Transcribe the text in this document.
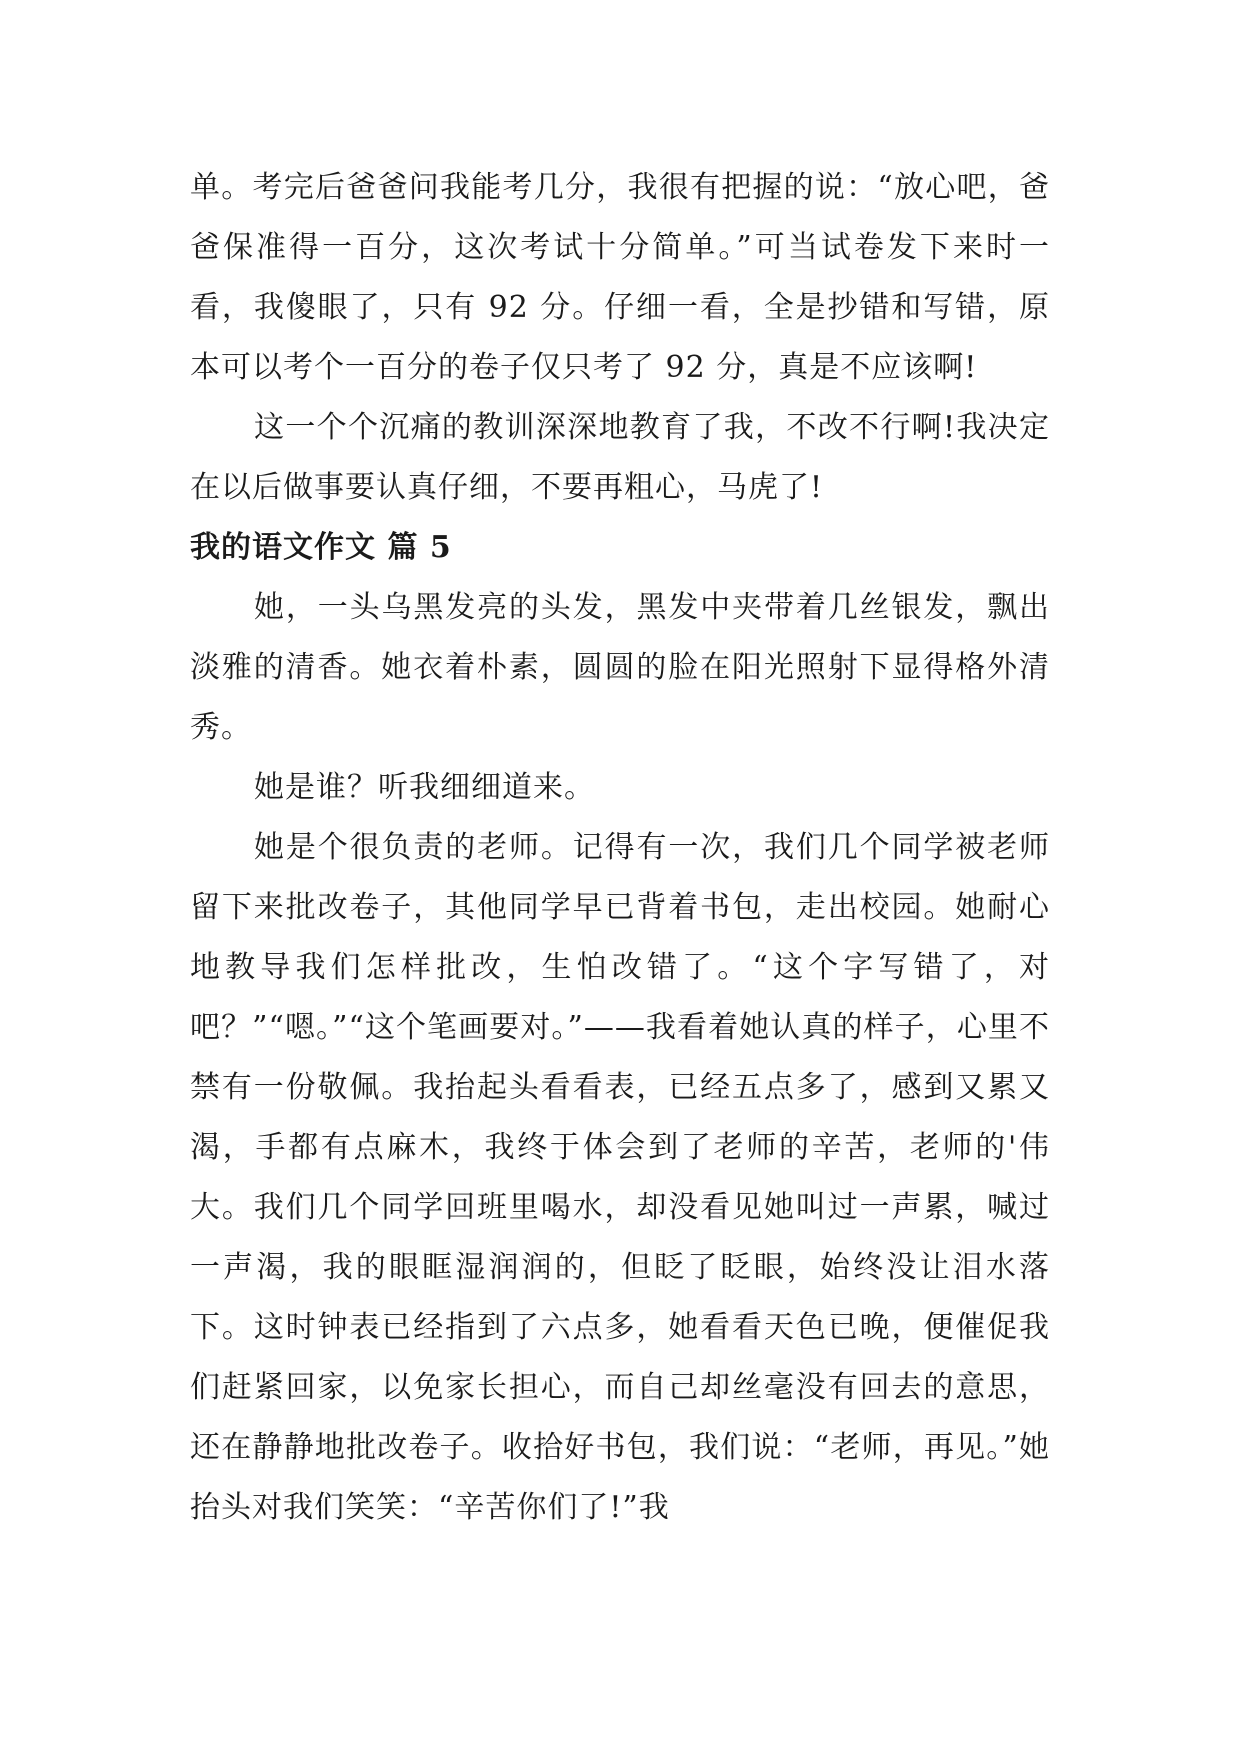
单。考完后爸爸问我能考几分，我很有把握的说：“放心吧，爸爸保准得一百分，这次考试十分简单。”可当试卷发下来时一看，我傻眼了，只有 92 分。仔细一看，全是抄错和写错，原本可以考个一百分的卷子仅只考了 92 分，真是不应该啊!

这一个个沉痛的教训深深地教育了我，不改不行啊!我决定在以后做事要认真仔细，不要再粗心，马虎了!

我的语文作文 篇 5

她，一头乌黑发亮的头发，黑发中夹带着几丝银发，飘出淡雅的清香。她衣着朴素，圆圆的脸在阳光照射下显得格外清秀。

她是谁？听我细细道来。

她是个很负责的老师。记得有一次，我们几个同学被老师留下来批改卷子，其他同学早已背着书包，走出校园。她耐心地教导我们怎样批改，生怕改错了。“这个字写错了，对吧？”“嗯。”“这个笔画要对。”——我看着她认真的样子，心里不禁有一份敬佩。我抬起头看看表，已经五点多了，感到又累又渴，手都有点麻木，我终于体会到了老师的辛苦，老师的'伟大。我们几个同学回班里喝水，却没看见她叫过一声累，喊过一声渴，我的眼眶湿润润的，但眨了眨眼，始终没让泪水落下。这时钟表已经指到了六点多，她看看天色已晚，便催促我们赶紧回家，以免家长担心，而自己却丝毫没有回去的意思，还在静静地批改卷子。收拾好书包，我们说：“老师，再见。”她抬头对我们笑笑：“辛苦你们了!”我
